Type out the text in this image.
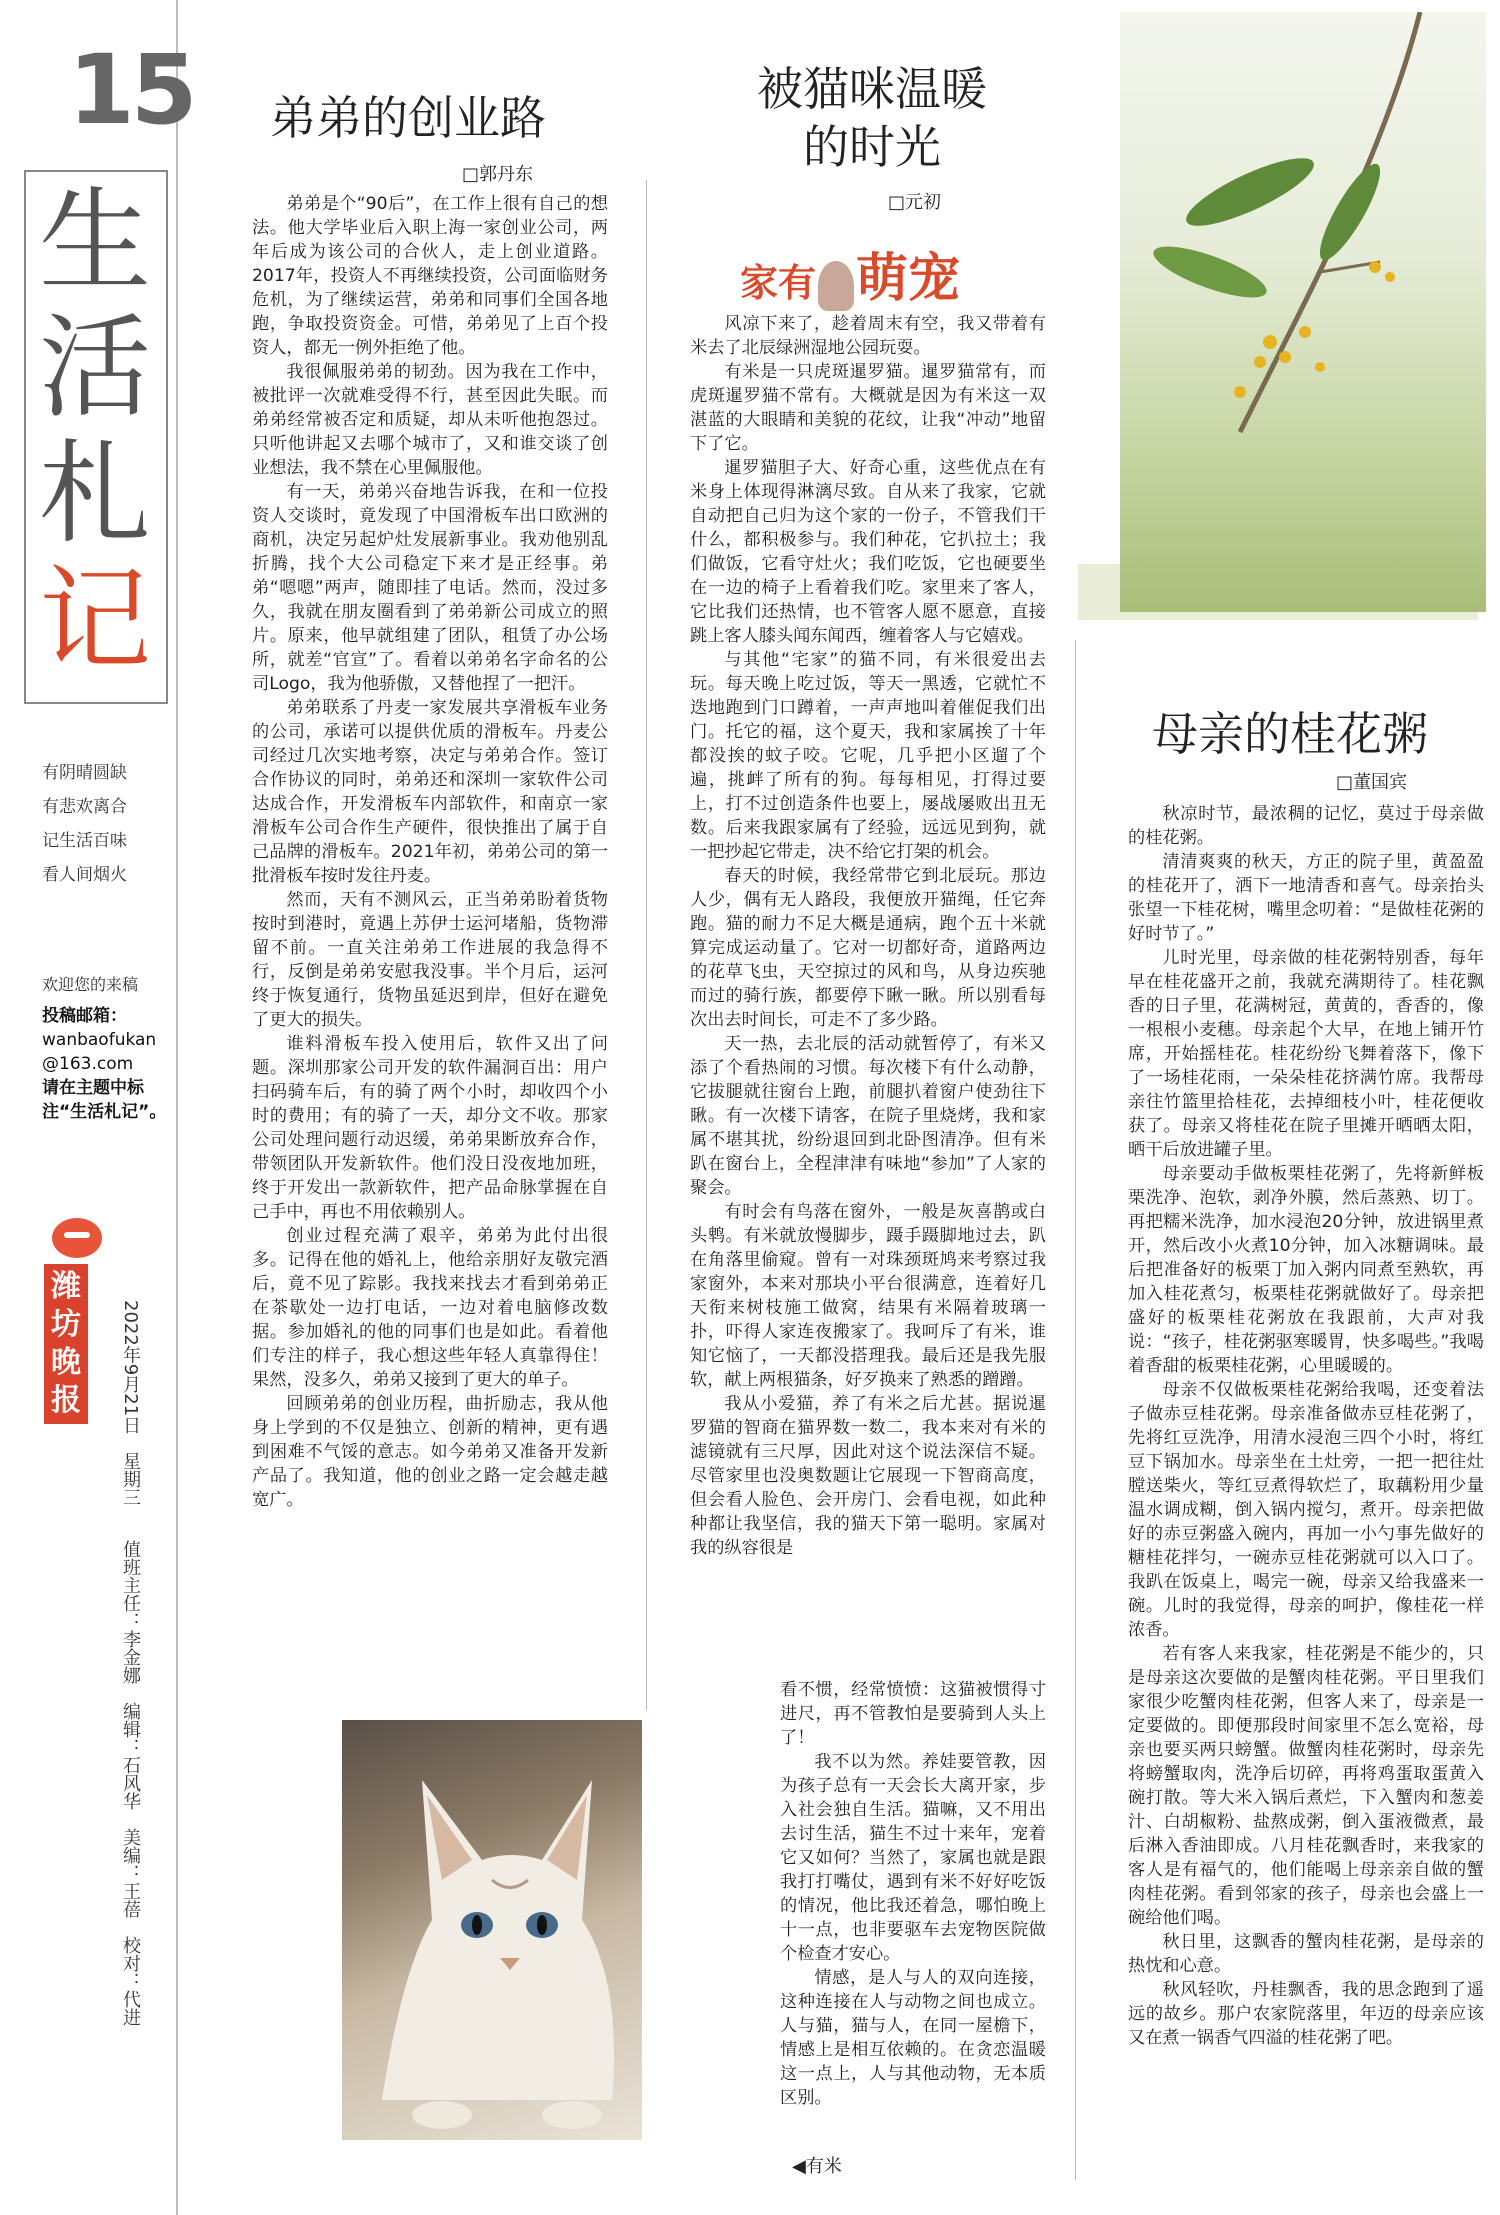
15
生
活
札
记
有阴晴圆缺
有悲欢离合
记生活百味
看人间烟火
欢迎您的来稿
投稿邮箱：
wanbaofukan
@163.com
请在主题中标注“生活札记”。
潍坊晚报	2022年9月21日　星期三
值班主任：李金娜　编辑：石风华　美编：王蓓　校对：代进
弟弟的创业路
□郭丹东

弟弟是个“90后”，在工作上很有自己的想法。他大学毕业后入职上海一家创业公司，两年后成为该公司的合伙人，走上创业道路。2017年，投资人不再继续投资，公司面临财务危机，为了继续运营，弟弟和同事们全国各地跑，争取投资资金。可惜，弟弟见了上百个投资人，都无一例外拒绝了他。

我很佩服弟弟的韧劲。因为我在工作中，被批评一次就难受得不行，甚至因此失眠。而弟弟经常被否定和质疑，却从未听他抱怨过。只听他讲起又去哪个城市了，又和谁交谈了创业想法，我不禁在心里佩服他。

有一天，弟弟兴奋地告诉我，在和一位投资人交谈时，竟发现了中国滑板车出口欧洲的商机，决定另起炉灶发展新事业。我劝他别乱折腾，找个大公司稳定下来才是正经事。弟弟“嗯嗯”两声，随即挂了电话。然而，没过多久，我就在朋友圈看到了弟弟新公司成立的照片。原来，他早就组建了团队，租赁了办公场所，就差“官宣”了。看着以弟弟名字命名的公司Logo，我为他骄傲，又替他捏了一把汗。

弟弟联系了丹麦一家发展共享滑板车业务的公司，承诺可以提供优质的滑板车。丹麦公司经过几次实地考察，决定与弟弟合作。签订合作协议的同时，弟弟还和深圳一家软件公司达成合作，开发滑板车内部软件，和南京一家滑板车公司合作生产硬件，很快推出了属于自己品牌的滑板车。2021年初，弟弟公司的第一批滑板车按时发往丹麦。

然而，天有不测风云，正当弟弟盼着货物按时到港时，竟遇上苏伊士运河堵船，货物滞留不前。一直关注弟弟工作进展的我急得不行，反倒是弟弟安慰我没事。半个月后，运河终于恢复通行，货物虽延迟到岸，但好在避免了更大的损失。

谁料滑板车投入使用后，软件又出了问题。深圳那家公司开发的软件漏洞百出：用户扫码骑车后，有的骑了两个小时，却收四个小时的费用；有的骑了一天，却分文不收。那家公司处理问题行动迟缓，弟弟果断放弃合作，带领团队开发新软件。他们没日没夜地加班，终于开发出一款新软件，把产品命脉掌握在自己手中，再也不用依赖别人。

创业过程充满了艰辛，弟弟为此付出很多。记得在他的婚礼上，他给亲朋好友敬完酒后，竟不见了踪影。我找来找去才看到弟弟正在茶歇处一边打电话，一边对着电脑修改数据。参加婚礼的他的同事们也是如此。看着他们专注的样子，我心想这些年轻人真靠得住！果然，没多久，弟弟又接到了更大的单子。

回顾弟弟的创业历程，曲折励志，我从他身上学到的不仅是独立、创新的精神，更有遇到困难不气馁的意志。如今弟弟又准备开发新产品了。我知道，他的创业之路一定会越走越宽广。

被猫咪温暖
的时光
□元初
家有 萌宠

风凉下来了，趁着周末有空，我又带着有米去了北辰绿洲湿地公园玩耍。

有米是一只虎斑暹罗猫。暹罗猫常有，而虎斑暹罗猫不常有。大概就是因为有米这一双湛蓝的大眼睛和美貌的花纹，让我“冲动”地留下了它。

暹罗猫胆子大、好奇心重，这些优点在有米身上体现得淋漓尽致。自从来了我家，它就自动把自己归为这个家的一份子，不管我们干什么，都积极参与。我们种花，它扒拉土；我们做饭，它看守灶火；我们吃饭，它也硬要坐在一边的椅子上看着我们吃。家里来了客人，它比我们还热情，也不管客人愿不愿意，直接跳上客人膝头闻东闻西，缠着客人与它嬉戏。

与其他“宅家”的猫不同，有米很爱出去玩。每天晚上吃过饭，等天一黑透，它就忙不迭地跑到门口蹲着，一声声地叫着催促我们出门。托它的福，这个夏天，我和家属挨了十年都没挨的蚊子咬。它呢，几乎把小区遛了个遍，挑衅了所有的狗。每每相见，打得过要上，打不过创造条件也要上，屡战屡败出丑无数。后来我跟家属有了经验，远远见到狗，就一把抄起它带走，决不给它打架的机会。

春天的时候，我经常带它到北辰玩。那边人少，偶有无人路段，我便放开猫绳，任它奔跑。猫的耐力不足大概是通病，跑个五十米就算完成运动量了。它对一切都好奇，道路两边的花草飞虫，天空掠过的风和鸟，从身边疾驰而过的骑行族，都要停下瞅一瞅。所以别看每次出去时间长，可走不了多少路。

天一热，去北辰的活动就暂停了，有米又添了个看热闹的习惯。每次楼下有什么动静，它拔腿就往窗台上跑，前腿扒着窗户使劲往下瞅。有一次楼下请客，在院子里烧烤，我和家属不堪其扰，纷纷退回到北卧图清净。但有米趴在窗台上，全程津津有味地“参加”了人家的聚会。

有时会有鸟落在窗外，一般是灰喜鹊或白头鹎。有米就放慢脚步，蹑手蹑脚地过去，趴在角落里偷窥。曾有一对珠颈斑鸠来考察过我家窗外，本来对那块小平台很满意，连着好几天衔来树枝施工做窝，结果有米隔着玻璃一扑，吓得人家连夜搬家了。我呵斥了有米，谁知它恼了，一天都没搭理我。最后还是我先服软，献上两根猫条，好歹换来了熟悉的蹭蹭。

我从小爱猫，养了有米之后尤甚。据说暹罗猫的智商在猫界数一数二，我本来对有米的滤镜就有三尺厚，因此对这个说法深信不疑。尽管家里也没奥数题让它展现一下智商高度，但会看人脸色、会开房门、会看电视，如此种种都让我坚信，我的猫天下第一聪明。家属对我的纵容很是

看不惯，经常愤愤：这猫被惯得寸进尺，再不管教怕是要骑到人头上了！

我不以为然。养娃要管教，因为孩子总有一天会长大离开家，步入社会独自生活。猫嘛，又不用出去讨生活，猫生不过十来年，宠着它又如何？当然了，家属也就是跟我打打嘴仗，遇到有米不好好吃饭的情况，他比我还着急，哪怕晚上十一点，也非要驱车去宠物医院做个检查才安心。

情感，是人与人的双向连接，这种连接在人与动物之间也成立。人与猫，猫与人，在同一屋檐下，情感上是相互依赖的。在贪恋温暖这一点上，人与其他动物，无本质区别。

◀有米
母亲的桂花粥
□董国宾

秋凉时节，最浓稠的记忆，莫过于母亲做的桂花粥。

清清爽爽的秋天，方正的院子里，黄盈盈的桂花开了，洒下一地清香和喜气。母亲抬头张望一下桂花树，嘴里念叨着：“是做桂花粥的好时节了。”

儿时光里，母亲做的桂花粥特别香，每年早在桂花盛开之前，我就充满期待了。桂花飘香的日子里，花满树冠，黄黄的，香香的，像一根根小麦穗。母亲起个大早，在地上铺开竹席，开始摇桂花。桂花纷纷飞舞着落下，像下了一场桂花雨，一朵朵桂花挤满竹席。我帮母亲往竹篮里拾桂花，去掉细枝小叶，桂花便收获了。母亲又将桂花在院子里摊开晒晒太阳，晒干后放进罐子里。

母亲要动手做板栗桂花粥了，先将新鲜板栗洗净、泡软，剥净外膜，然后蒸熟、切丁。再把糯米洗净，加水浸泡20分钟，放进锅里煮开，然后改小火煮10分钟，加入冰糖调味。最后把准备好的板栗丁加入粥内同煮至熟软，再加入桂花煮匀，板栗桂花粥就做好了。母亲把盛好的板栗桂花粥放在我跟前，大声对我说：“孩子，桂花粥驱寒暖胃，快多喝些。”我喝着香甜的板栗桂花粥，心里暖暖的。

母亲不仅做板栗桂花粥给我喝，还变着法子做赤豆桂花粥。母亲准备做赤豆桂花粥了，先将红豆洗净，用清水浸泡三四个小时，将红豆下锅加水。母亲坐在土灶旁，一把一把往灶膛送柴火，等红豆煮得软烂了，取藕粉用少量温水调成糊，倒入锅内搅匀，煮开。母亲把做好的赤豆粥盛入碗内，再加一小勺事先做好的糖桂花拌匀，一碗赤豆桂花粥就可以入口了。我趴在饭桌上，喝完一碗，母亲又给我盛来一碗。儿时的我觉得，母亲的呵护，像桂花一样浓香。

若有客人来我家，桂花粥是不能少的，只是母亲这次要做的是蟹肉桂花粥。平日里我们家很少吃蟹肉桂花粥，但客人来了，母亲是一定要做的。即便那段时间家里不怎么宽裕，母亲也要买两只螃蟹。做蟹肉桂花粥时，母亲先将螃蟹取肉，洗净后切碎，再将鸡蛋取蛋黄入碗打散。等大米入锅后煮烂，下入蟹肉和葱姜汁、白胡椒粉、盐熬成粥，倒入蛋液微煮，最后淋入香油即成。八月桂花飘香时，来我家的客人是有福气的，他们能喝上母亲亲自做的蟹肉桂花粥。看到邻家的孩子，母亲也会盛上一碗给他们喝。

秋日里，这飘香的蟹肉桂花粥，是母亲的热忱和心意。

秋风轻吹，丹桂飘香，我的思念跑到了遥远的故乡。那户农家院落里，年迈的母亲应该又在煮一锅香气四溢的桂花粥了吧。
